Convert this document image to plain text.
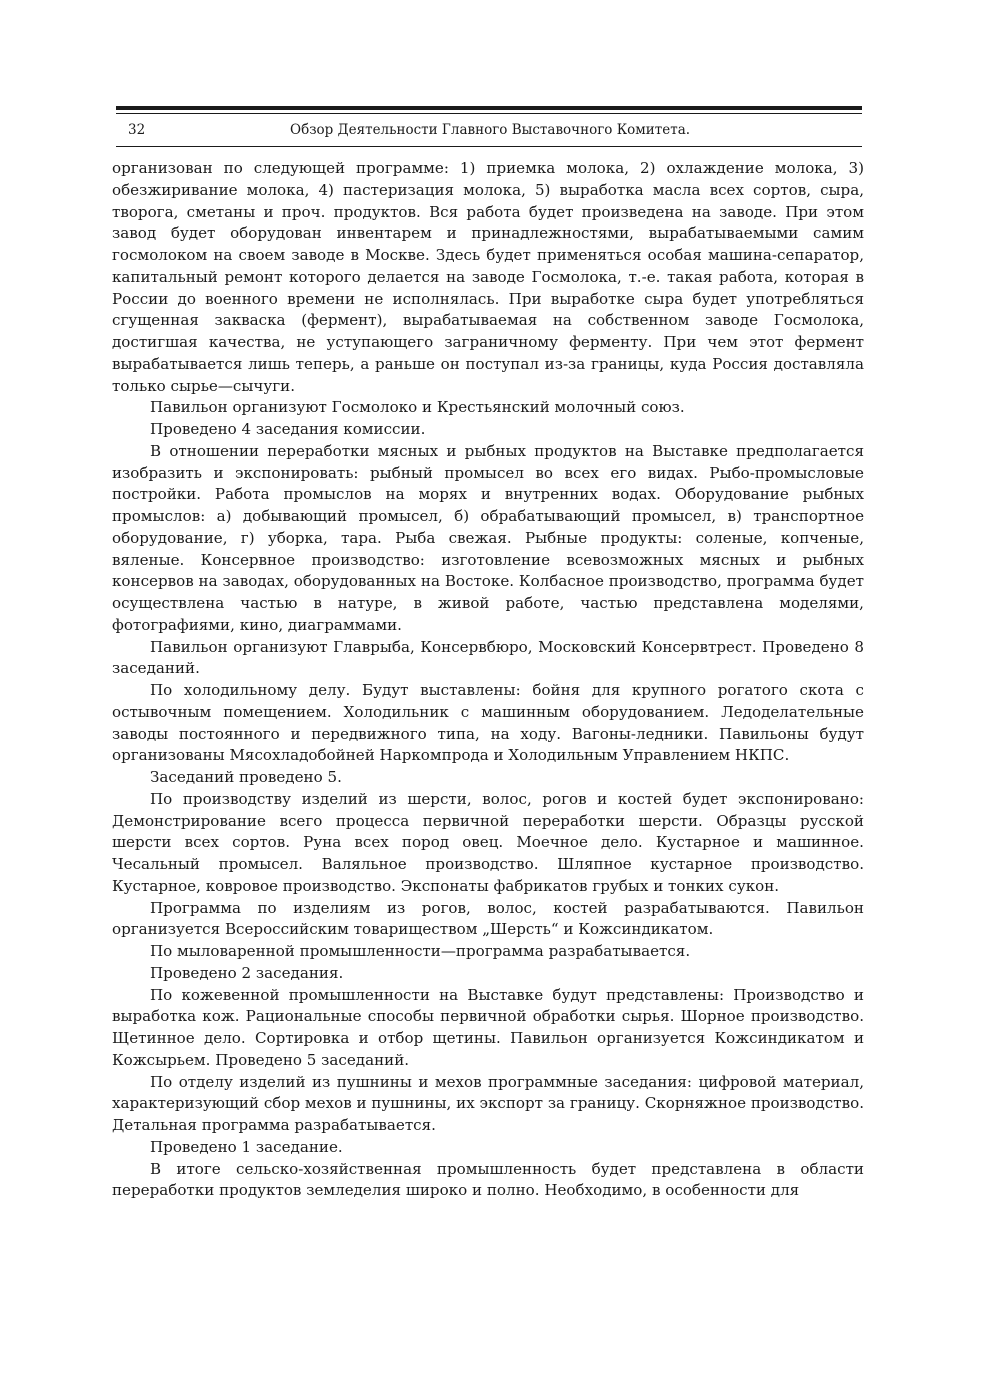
32	Обзор Деятельности Главного Выставочного Комитета.

организован по следующей программе: 1) приемка молока, 2) охлаждение молока, 3) обезжиривание молока, 4) пастеризация молока, 5) выработка масла всех сортов, сыра, творога, сметаны и проч. продуктов. Вся работа будет произведена на заводе. При этом завод будет оборудован инвентарем и принадлежностями, вырабатываемыми самим госмолоком на своем заводе в Москве. Здесь будет применяться особая машина-сепаратор, капитальный ремонт которого делается на заводе Госмолока, т.-е. такая работа, которая в России до военного времени не исполнялась. При выработке сыра будет употребляться сгущенная закваска (фермент), вырабатываемая на собственном заводе Госмолока, достигшая качества, не уступающего заграничному ферменту. При чем этот фермент вырабатывается лишь теперь, а раньше он поступал из-за границы, куда Россия доставляла только сырье—сычуги.

Павильон организуют Госмолоко и Крестьянский молочный союз.

Проведено 4 заседания комиссии.

В отношении переработки мясных и рыбных продуктов на Выставке предполагается изобразить и экспонировать: рыбный промысел во всех его видах. Рыбо-промысловые постройки. Работа промыслов на морях и внутренних водах. Оборудование рыбных промыслов: а) добывающий промысел, б) обрабатывающий промысел, в) транспортное оборудование, г) уборка, тара. Рыба свежая. Рыбные продукты: соленые, копченые, вяленые. Консервное производство: изготовление всевозможных мясных и рыбных консервов на заводах, оборудованных на Востоке. Колбасное производство, программа будет осуществлена частью в натуре, в живой работе, частью представлена моделями, фотографиями, кино, диаграммами.

Павильон организуют Главрыба, Консервбюро, Московский Консервтрест. Проведено 8 заседаний.

По холодильному делу. Будут выставлены: бойня для крупного рогатого скота с остывочным помещением. Холодильник с машинным оборудованием. Ледоделательные заводы постоянного и передвижного типа, на ходу. Вагоны-ледники. Павильоны будут организованы Мясохладобойней Наркомпрода и Холодильным Управлением НКПС.

Заседаний проведено 5.

По производству изделий из шерсти, волос, рогов и костей будет экспонировано: Демонстрирование всего процесса первичной переработки шерсти. Образцы русской шерсти всех сортов. Руна всех пород овец. Моечное дело. Кустарное и машинное. Чесальный промысел. Валяльное производство. Шляпное кустарное производство. Кустарное, ковровое производство. Экспонаты фабрикатов грубых и тонких сукон.

Программа по изделиям из рогов, волос, костей разрабатываются. Павильон организуется Всероссийским товариществом „Шерсть“ и Кожсиндикатом.

По мыловаренной промышленности—программа разрабатывается.

Проведено 2 заседания.

По кожевенной промышленности на Выставке будут представлены: Производство и выработка кож. Рациональные способы первичной обработки сырья. Шорное производство. Щетинное дело. Сортировка и отбор щетины. Павильон организуется Кожсиндикатом и Кожсырьем. Проведено 5 заседаний.

По отделу изделий из пушнины и мехов программные заседания: цифровой материал, характеризующий сбор мехов и пушнины, их экспорт за границу. Скорняжное производство. Детальная программа разрабатывается.

Проведено 1 заседание.

В итоге сельско-хозяйственная промышленность будет представлена в области переработки продуктов земледелия широко и полно. Необходимо, в особенности для
